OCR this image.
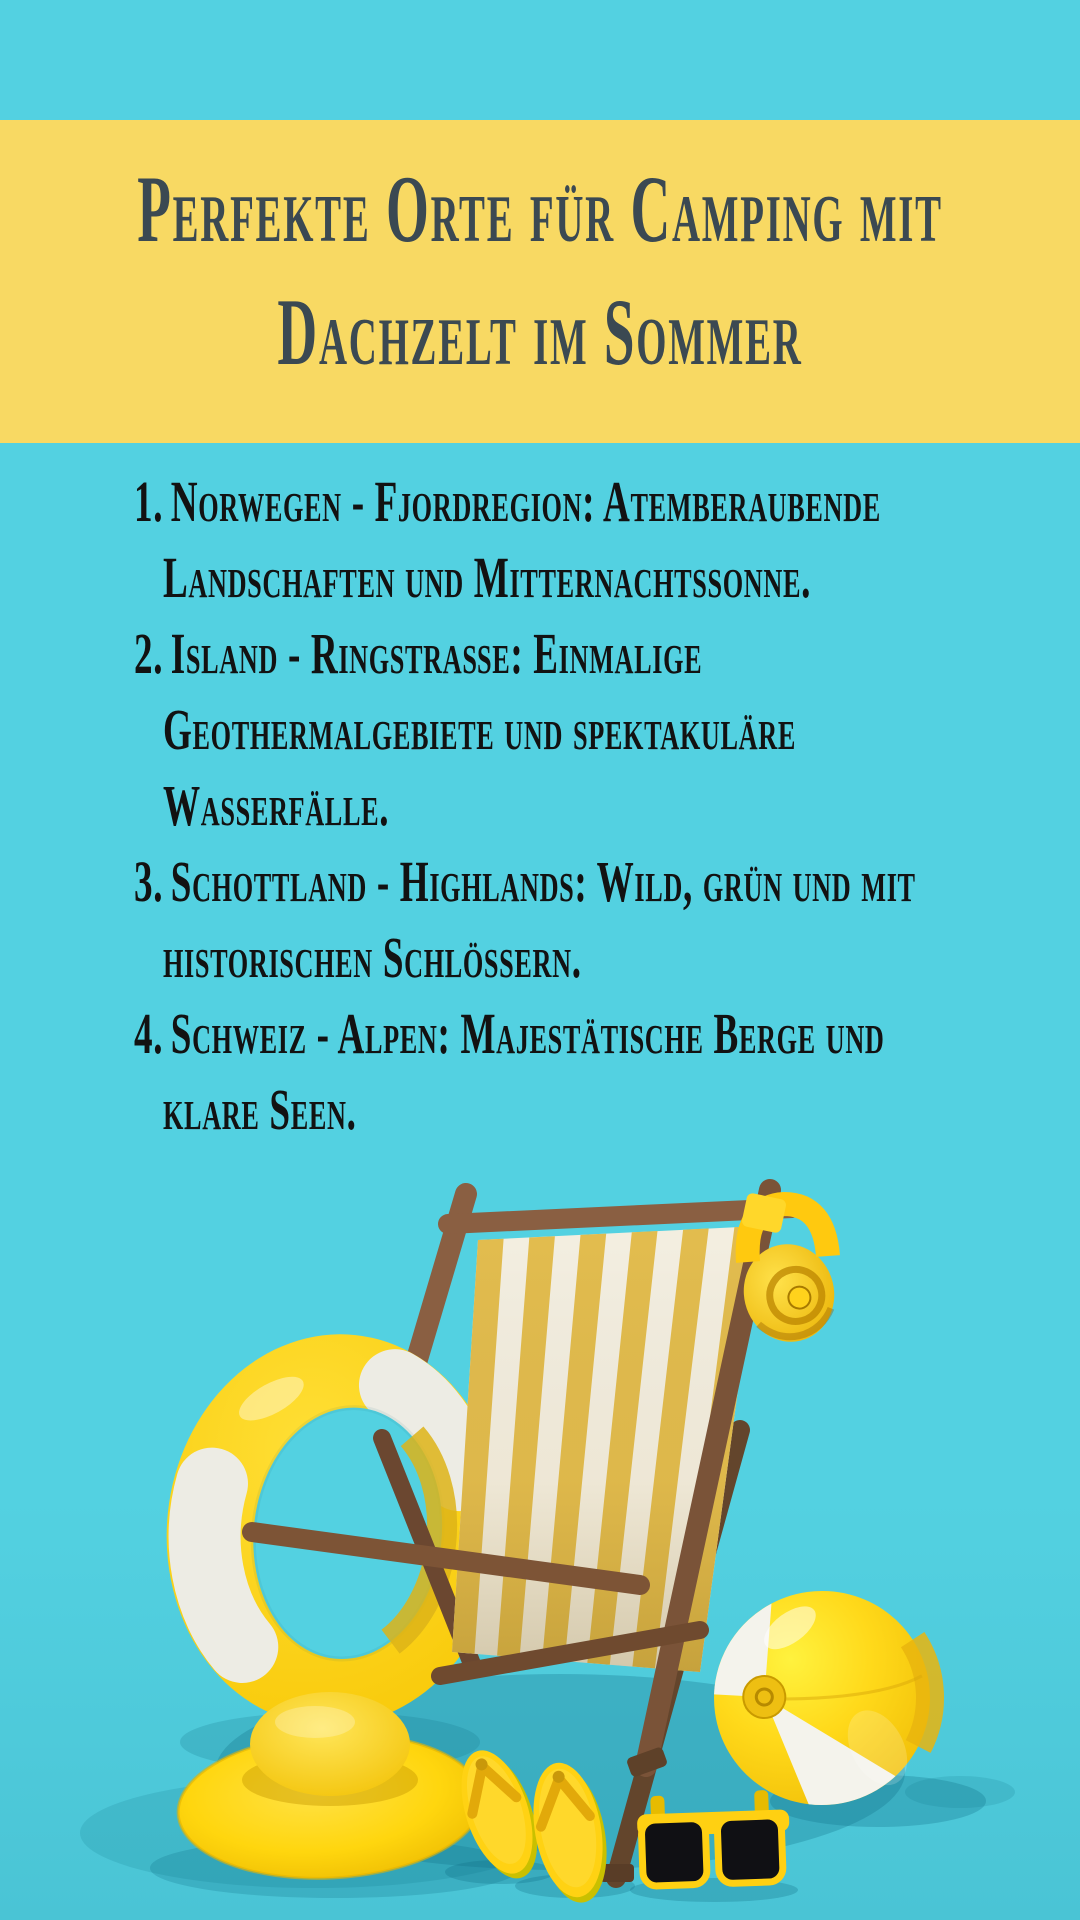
Perfekte Orte für Camping mit
Dachzelt im Sommer
1. Norwegen - Fjordregion: Atemberaubende
Landschaften und Mitternachtssonne.
2. Island - Ringstraße: Einmalige
Geothermalgebiete und spektakuläre
Wasserfälle.
3. Schottland - Highlands: Wild, grün und mit
historischen Schlössern.
4. Schweiz - Alpen: Majestätische Berge und
klare Seen.
